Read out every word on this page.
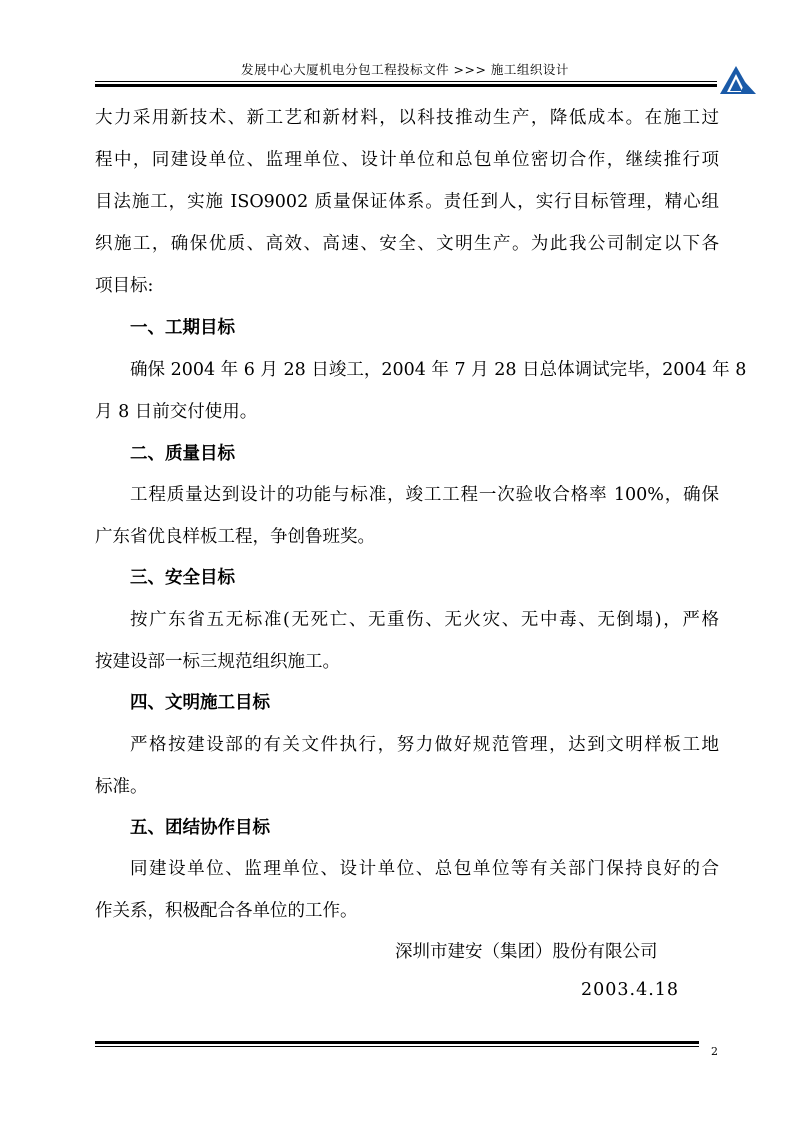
发展中心大厦机电分包工程投标文件 >>> 施工组织设计
大力采用新技术、新工艺和新材料，以科技推动生产，降低成本。在施工过
程中，同建设单位、监理单位、设计单位和总包单位密切合作，继续推行项
目法施工，实施 ISO9002 质量保证体系。责任到人，实行目标管理，精心组
织施工，确保优质、高效、高速、安全、文明生产。为此我公司制定以下各
项目标:
一、工期目标
确保 2004 年 6 月 28 日竣工，2004 年 7 月 28 日总体调试完毕，2004 年 8
月 8 日前交付使用。
二、质量目标
工程质量达到设计的功能与标准，竣工工程一次验收合格率 100%，确保
广东省优良样板工程，争创鲁班奖。
三、安全目标
按广东省五无标准(无死亡、无重伤、无火灾、无中毒、无倒塌)，严格
按建设部一标三规范组织施工。
四、文明施工目标
严格按建设部的有关文件执行，努力做好规范管理，达到文明样板工地
标准。
五、团结协作目标
同建设单位、监理单位、设计单位、总包单位等有关部门保持良好的合
作关系，积极配合各单位的工作。
深圳市建安（集团）股份有限公司
2003.4.18
2
